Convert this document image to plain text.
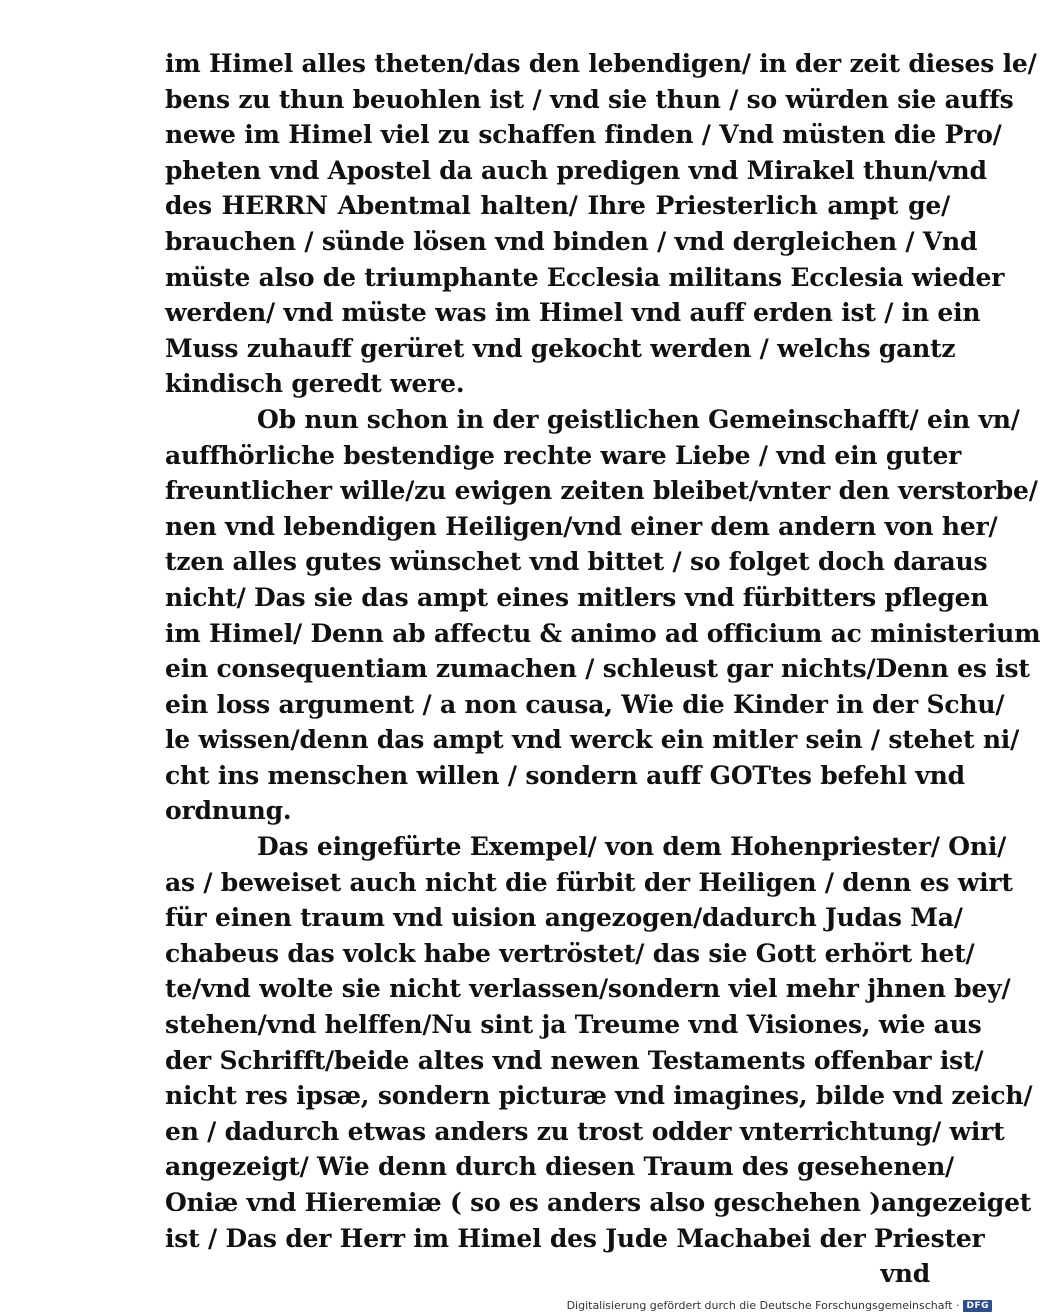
im Himel alles theten/das den lebendigen/ in der zeit dieses le/
bens zu thun beuohlen ist / vnd sie thun / so würden sie auffs
newe im Himel viel zu schaffen finden / Vnd müsten die Pro/
pheten vnd Apostel da auch predigen vnd Mirakel thun/vnd
des HERRN Abentmal halten/ Ihre Priesterlich ampt ge/
brauchen / sünde lösen vnd binden / vnd dergleichen / Vnd
müste also de triumphante Ecclesia militans Ecclesia wieder
werden/ vnd müste was im Himel vnd auff erden ist / in ein
Muss zuhauff gerüret vnd gekocht werden / welchs gantz
kindisch geredt were.
Ob nun schon in der geistlichen Gemeinschafft/ ein vn/
auffhörliche bestendige rechte ware Liebe / vnd ein guter
freuntlicher wille/zu ewigen zeiten bleibet/vnter den verstorbe/
nen vnd lebendigen Heiligen/vnd einer dem andern von her/
tzen alles gutes wünschet vnd bittet / so folget doch daraus
nicht/ Das sie das ampt eines mitlers vnd fürbitters pflegen
im Himel/ Denn ab affectu & animo ad officium ac ministerium
ein consequentiam zumachen / schleust gar nichts/Denn es ist
ein loss argument / a non causa, Wie die Kinder in der Schu/
le wissen/denn das ampt vnd werck ein mitler sein / stehet ni/
cht ins menschen willen / sondern auff GOTtes befehl vnd
ordnung.
Das eingefürte Exempel/ von dem Hohenpriester/ Oni/
as / beweiset auch nicht die fürbit der Heiligen / denn es wirt
für einen traum vnd uision angezogen/dadurch Judas Ma/
chabeus das volck habe vertröstet/ das sie Gott erhört het/
te/vnd wolte sie nicht verlassen/sondern viel mehr jhnen bey/
stehen/vnd helffen/Nu sint ja Treume vnd Visiones, wie aus
der Schrifft/beide altes vnd newen Testaments offenbar ist/
nicht res ipsæ, sondern picturæ vnd imagines, bilde vnd zeich/
en / dadurch etwas anders zu trost odder vnterrichtung/ wirt
angezeigt/ Wie denn durch diesen Traum des gesehenen/
Oniæ vnd Hieremiæ ( so es anders also geschehen )angezeiget
ist / Das der Herr im Himel des Jude Machabei der Priester
vnd
Digitalisierung gefördert durch die Deutsche Forschungsgemeinschaft · DFG
